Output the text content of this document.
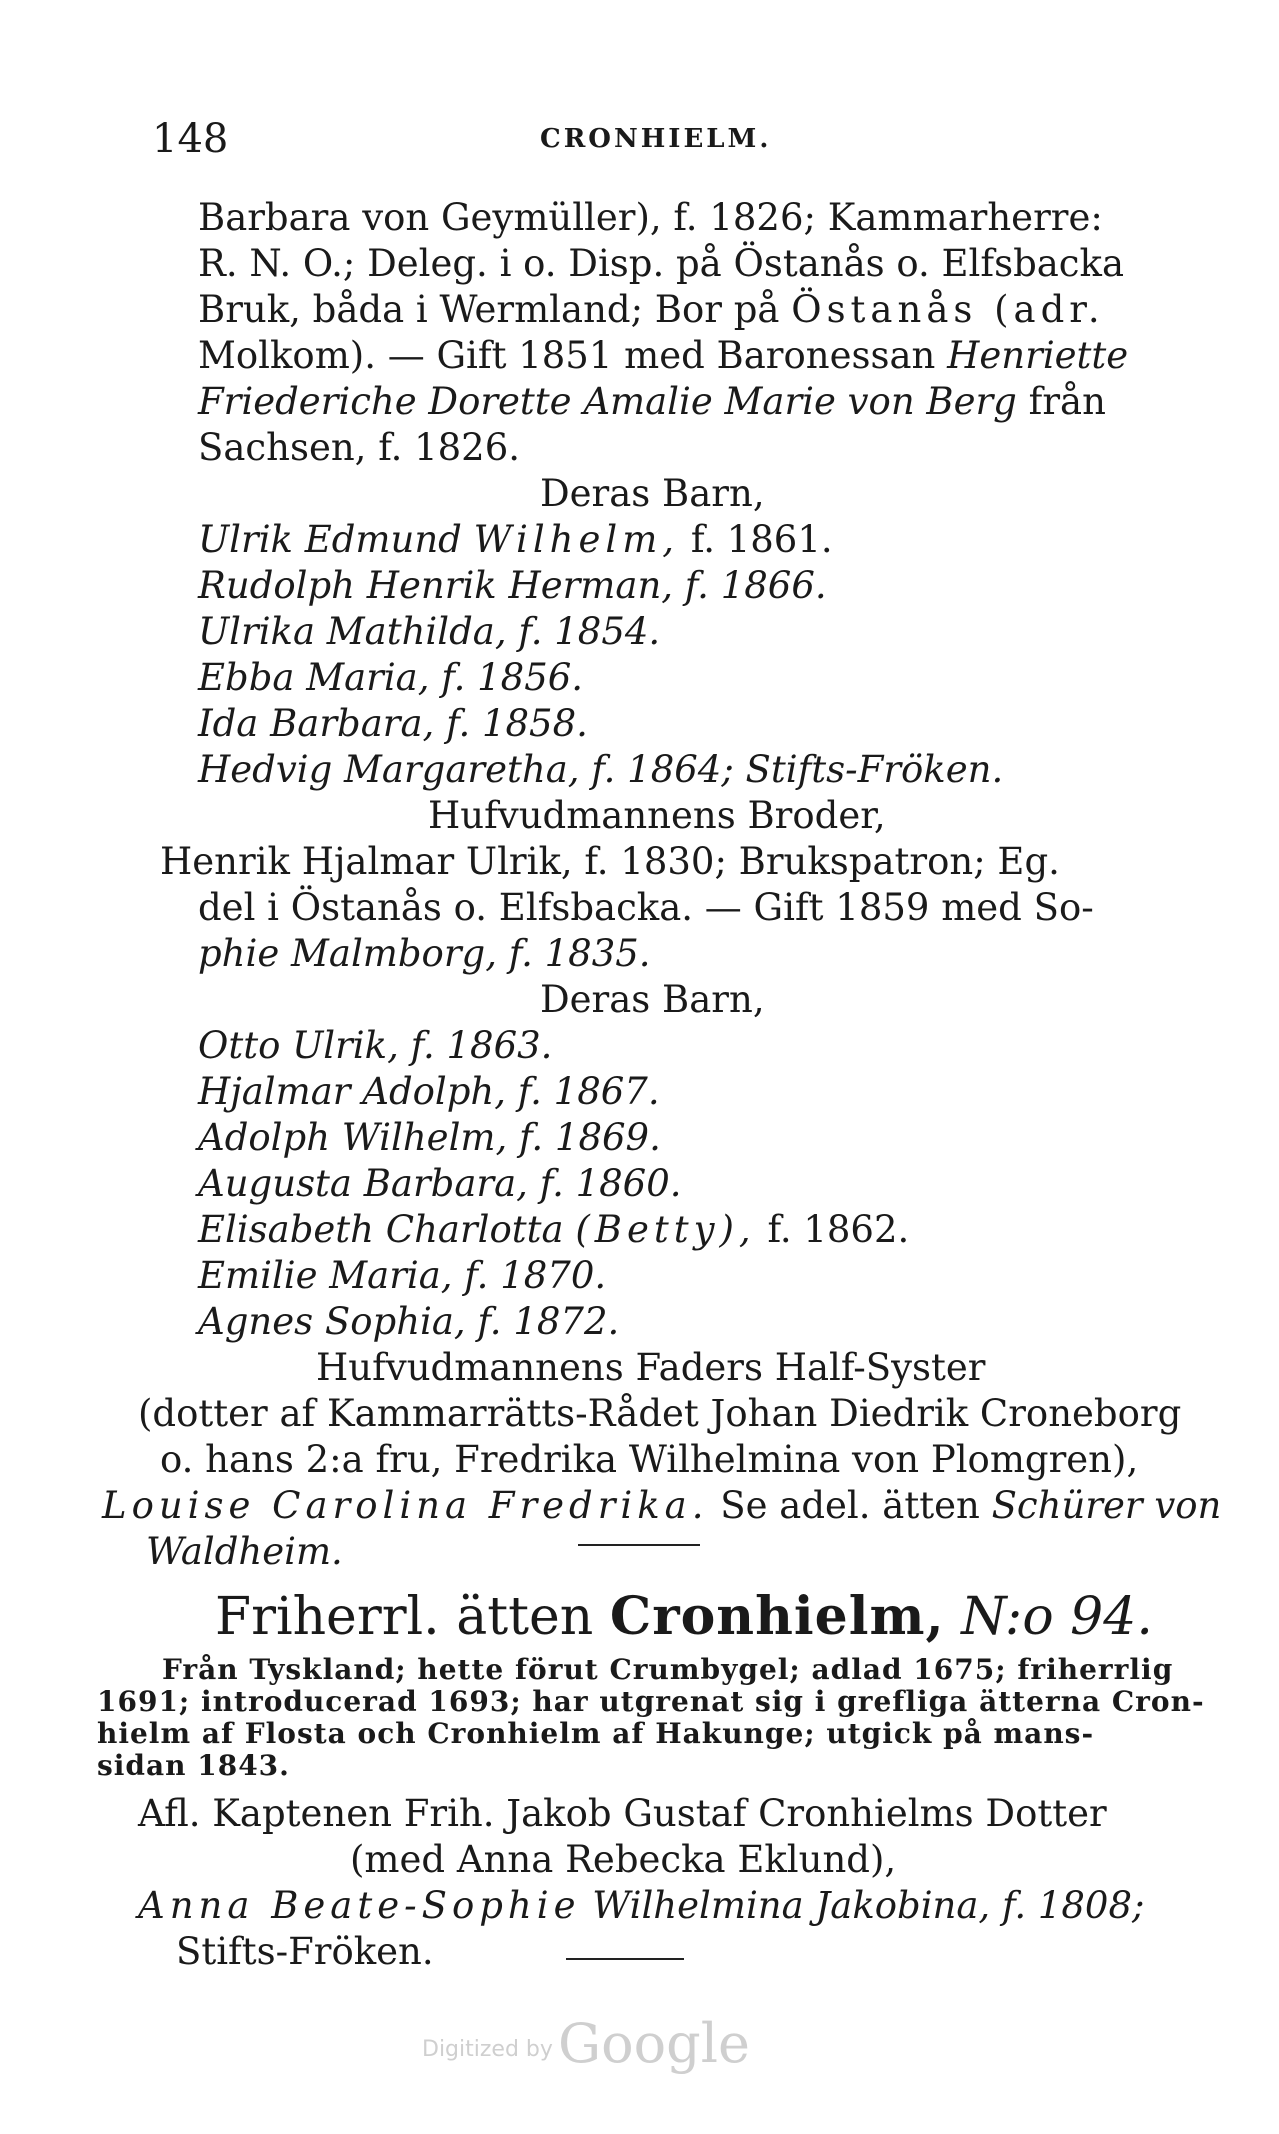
148	CRONHIELM.
Barbara von Geymüller), f. 1826; Kammarherre:
R. N. O.; Deleg. i o. Disp. på Östanås o. Elfsbacka
Bruk, båda i Wermland; Bor på Östanås (adr.
Molkom). — Gift 1851 med Baronessan Henriette
Friederiche Dorette Amalie Marie von Berg från
Sachsen, f. 1826.
Deras Barn,
Ulrik Edmund Wilhelm, f. 1861.
Rudolph Henrik Herman, f. 1866.
Ulrika Mathilda, f. 1854.
Ebba Maria, f. 1856.
Ida Barbara, f. 1858.
Hedvig Margaretha, f. 1864; Stifts-Fröken.
Hufvudmannens Broder,
Henrik Hjalmar Ulrik, f. 1830; Brukspatron; Eg.
del i Östanås o. Elfsbacka. — Gift 1859 med So-
phie Malmborg, f. 1835.
Deras Barn,
Otto Ulrik, f. 1863.
Hjalmar Adolph, f. 1867.
Adolph Wilhelm, f. 1869.
Augusta Barbara, f. 1860.
Elisabeth Charlotta (Betty), f. 1862.
Emilie Maria, f. 1870.
Agnes Sophia, f. 1872.
Hufvudmannens Faders Half-Syster
(dotter af Kammarrätts-Rådet Johan Diedrik Croneborg
o. hans 2:a fru, Fredrika Wilhelmina von Plomgren),
Louise Carolina Fredrika. Se adel. ätten Schürer von
Waldheim.
Friherrl. ätten Cronhielm, N:o 94.
Från Tyskland; hette förut Crumbygel; adlad 1675; friherrlig
1691; introducerad 1693; har utgrenat sig i grefliga ätterna Cron-
hielm af Flosta och Cronhielm af Hakunge; utgick på mans-
sidan 1843.
Afl. Kaptenen Frih. Jakob Gustaf Cronhielms Dotter
(med Anna Rebecka Eklund),
Anna Beate-Sophie Wilhelmina Jakobina, f. 1808;
Stifts-Fröken.
Digitized by Google
